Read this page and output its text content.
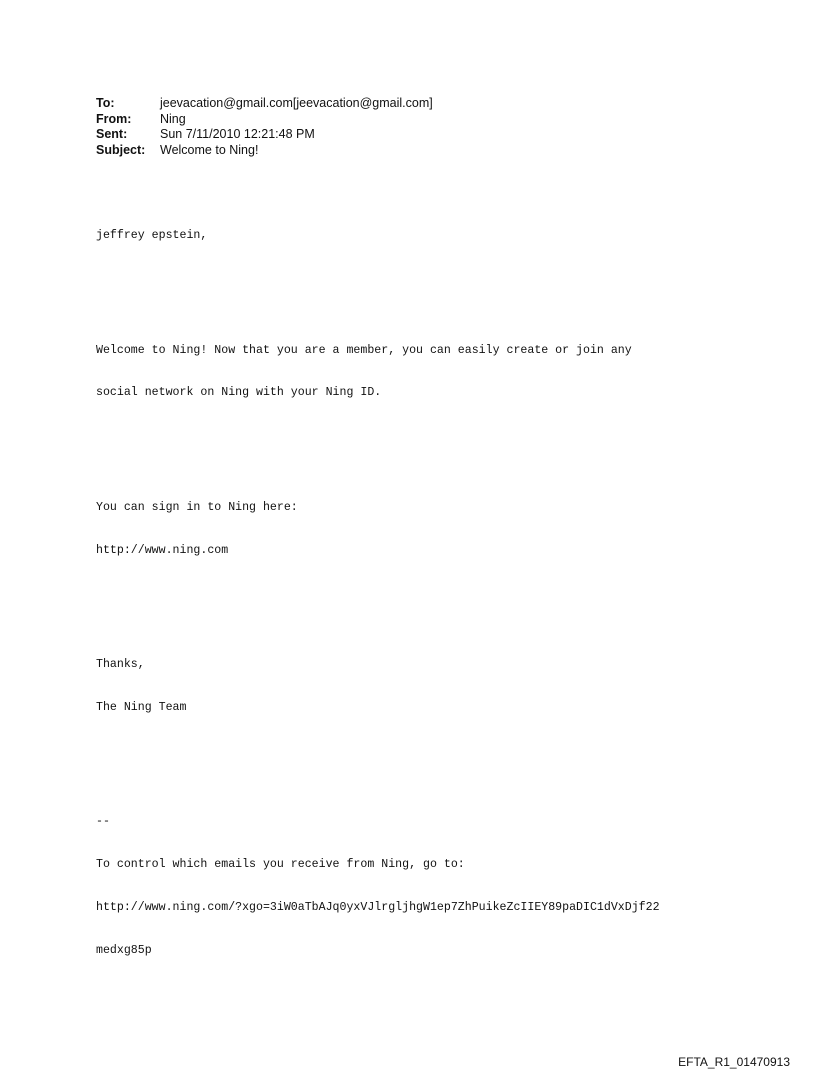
To:	jeevacation@gmail.com[jeevacation@gmail.com]
From:	Ning
Sent:	Sun 7/11/2010 12:21:48 PM
Subject:	Welcome to Ning!

jeffrey epstein,

Welcome to Ning! Now that you are a member, you can easily create or join any

social network on Ning with your Ning ID.

You can sign in to Ning here:

http://www.ning.com

Thanks,

The Ning Team

--

To control which emails you receive from Ning, go to:

http://www.ning.com/?xgo=3iW0aTbAJq0yxVJlrgljhgW1ep7ZhPuikeZcIIEY89paDIC1dVxDjf22

medxg85p

EFTA_R1_01470913
